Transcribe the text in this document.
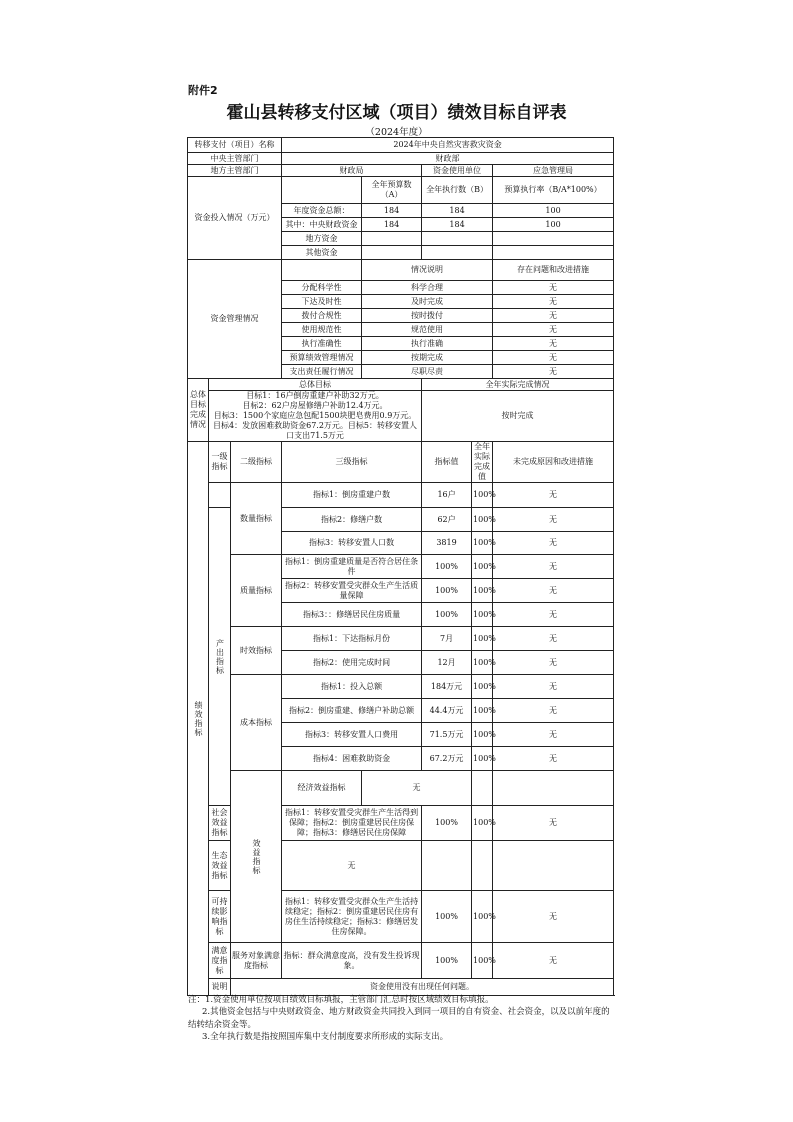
附件2
霍山县转移支付区域（项目）绩效目标自评表
（2024年度）
转移支付（项目）名称			2024年中央自然灾害救灾资金					
中央主管部门			财政部					
地方主管部门			财政局		资金使用单位		应急管理局	
资金投入情况（万元）				全年预算数（A）	全年执行数（B）		预算执行率（B/A*100%）	
			年度资金总额：	184	184		100	
			其中：中央财政资金	184	184		100	
			地方资金					
			其他资金					
资金管理情况				情况说明			存在问题和改进措施	
			分配科学性	科学合理			无	
			下达及时性	及时完成			无	
			拨付合规性	按时拨付			无	
			使用规范性	规范使用			无	
			执行准确性	执行准确			无	
			预算绩效管理情况	按期完成			无	
			支出责任履行情况	尽职尽责			无	
总体目标完成情况	总体目标				全年实际完成情况			
	目标1：16户倒房重建户补助32万元。
目标2：62户房屋修缮户补助12.4万元。
目标3：1500个家庭应急包配1500块肥皂费用0.9万元。
目标4：发放困难救助资金67.2万元。目标5：转移安置人口支出71.5万元				按时完成			
绩效指标	一级指标	二级指标	三级指标		指标值	全年实际完成值	未完成原因和改进措施	
		数量指标	指标1：倒房重建户数		16户	100%	无	
	产出指标		指标2：修缮户数		62户	100%	无	
			指标3：转移安置人口数		3819	100%	无	
		质量指标	指标1：倒房重建质量是否符合居住条件		100%	100%	无	
			指标2：转移安置受灾群众生产生活质量保障		100%	100%	无	
			指标3：：修缮居民住房质量		100%	100%	无	
		时效指标	指标1：下达指标月份		7月	100%	无	
			指标2：使用完成时间		12月	100%	无	
		成本指标	指标1：投入总额		184万元	100%	无	
			指标2：倒房重建、修缮户补助总额		44.4万元	100%	无	
			指标3：转移安置人口费用		71.5万元	100%	无	
			指标4：困难救助资金		67.2万元	100%	无	
		效益指标	经济效益指标	无				
	社会效益指标		指标1：转移安置受灾群生产生活得到保障；指标2：倒房重建居民住房保障；指标3：修缮居民住房保障		100%	100%	无	
	生态效益指标		无					
	可持续影响指标		指标1：转移安置受灾群众生产生活持续稳定；指标2：倒房重建居民住房有房住生活持续稳定；指标3：修缮居发住房保障。		100%	100%	无	
	满意度指标	服务对象满意度指标	指标：群众满意度高，没有发生投诉现象。		100%	100%	无	
	说明	资金使用没有出现任何问题。						

注：1.资金使用单位按项目绩效目标填报，主管部门汇总时按区域绩效目标填报。

2.其他资金包括与中央财政资金、地方财政资金共同投入到同一项目的自有资金、社会资金，以及以前年度的结转结余资金等。

3.全年执行数是指按照国库集中支付制度要求所形成的实际支出。
